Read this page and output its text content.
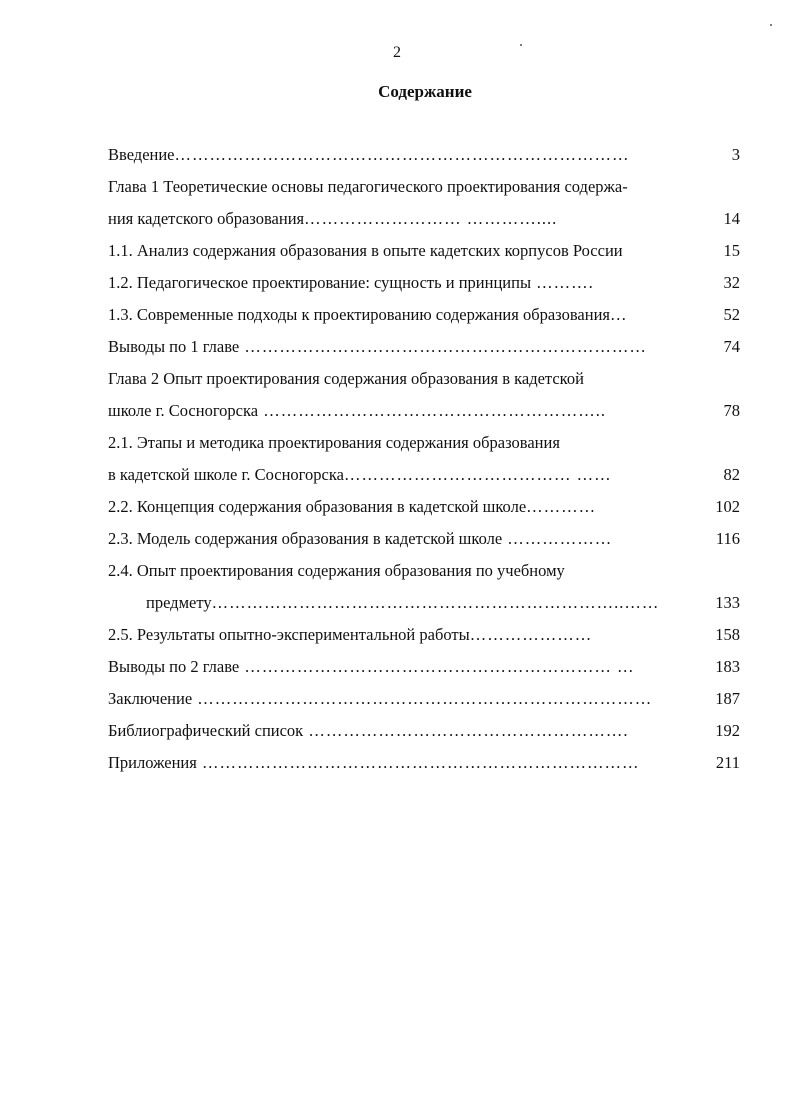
2
Содержание
Введение……………………………………………………………………	3
Глава 1 Теоретические основы педагогического проектирования содержа-
ния кадетского образования……………………… …………....	14
1.1. Анализ содержания образования в опыте кадетских корпусов России	15
1.2. Педагогическое проектирование: сущность и принципы ……….	32
1.3. Современные подходы к проектированию содержания образования…	52
Выводы по 1 главе ……………………………………………………………	74
Глава 2 Опыт проектирования содержания образования в кадетской
школе г. Сосногорска …………………………………………………..	78
2.1. Этапы и методика проектирования содержания образования
в кадетской школе г. Сосногорска………………………………… ……	82
2.2. Концепция содержания образования в кадетской школе…………	102
2.3. Модель содержания образования в кадетской школе ………………	116
2.4. Опыт проектирования содержания образования по учебному
предмету……………………………………………………………..……	133
2.5. Результаты опытно-экспериментальной работы…………………	158
Выводы по 2 главе ……………………………………………………… …	183
Заключение ……………………………………………………………………	187
Библиографический список ……………………………………………….	192
Приложения …………………………………………………………………	211
